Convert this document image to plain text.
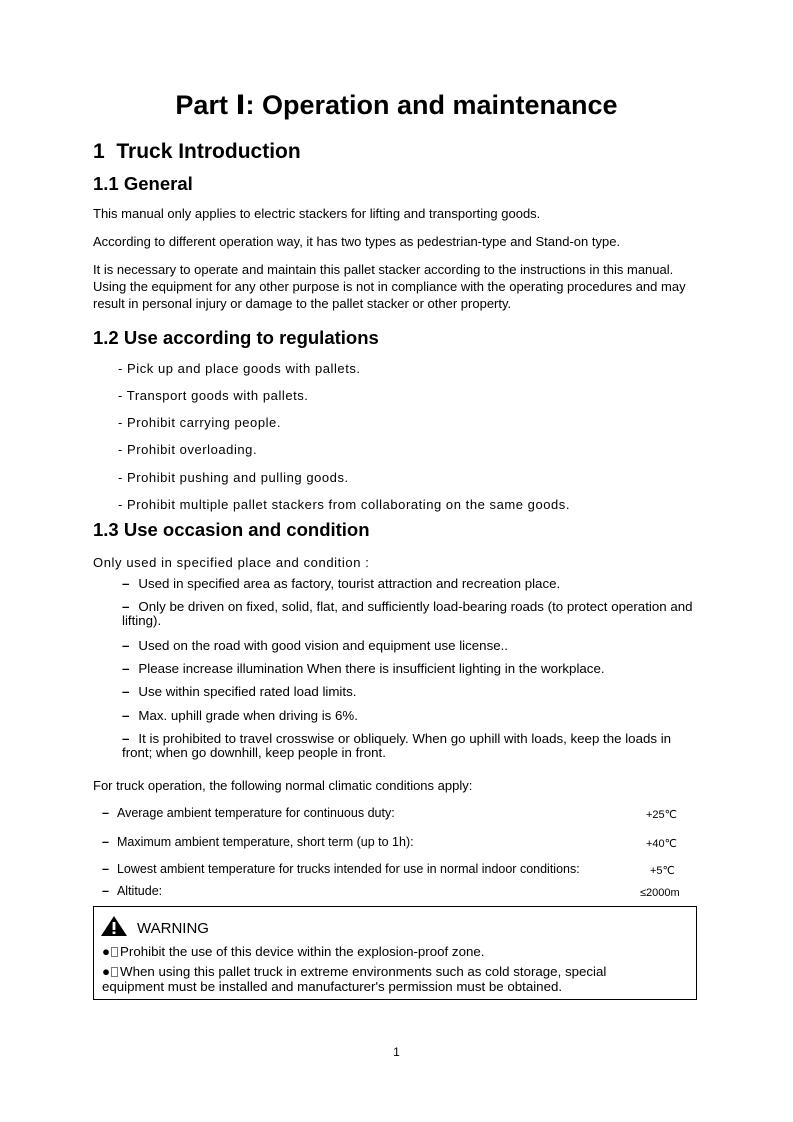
Part Ⅰ: Operation and maintenance
1 Truck Introduction
1.1 General
This manual only applies to electric stackers for lifting and transporting goods.
According to different operation way, it has two types as pedestrian-type and Stand-on type.
It is necessary to operate and maintain this pallet stacker according to the instructions in this manual. Using the equipment for any other purpose is not in compliance with the operating procedures and may result in personal injury or damage to the pallet stacker or other property.
1.2 Use according to regulations
- Pick up and place goods with pallets.
- Transport goods with pallets.
- Prohibit carrying people.
- Prohibit overloading.
- Prohibit pushing and pulling goods.
- Prohibit multiple pallet stackers from collaborating on the same goods.
1.3 Use occasion and condition
Only used in specified place and condition :
– Used in specified area as factory, tourist attraction and recreation place.
– Only be driven on fixed, solid, flat, and sufficiently load-bearing roads (to protect operation and lifting).
– Used on the road with good vision and equipment use license..
– Please increase illumination When there is insufficient lighting in the workplace.
– Use within specified rated load limits.
– Max. uphill grade when driving is 6%.
– It is prohibited to travel crosswise or obliquely. When go uphill with loads, keep the loads in front; when go downhill, keep people in front.
For truck operation, the following normal climatic conditions apply:
– Average ambient temperature for continuous duty:	+25℃
– Maximum ambient temperature, short term (up to 1h):	+40℃
– Lowest ambient temperature for trucks intended for use in normal indoor conditions:	+5℃
– Altitude:	≤2000m
WARNING
● Prohibit the use of this device within the explosion-proof zone.
● When using this pallet truck in extreme environments such as cold storage, special equipment must be installed and manufacturer's permission must be obtained.
1
